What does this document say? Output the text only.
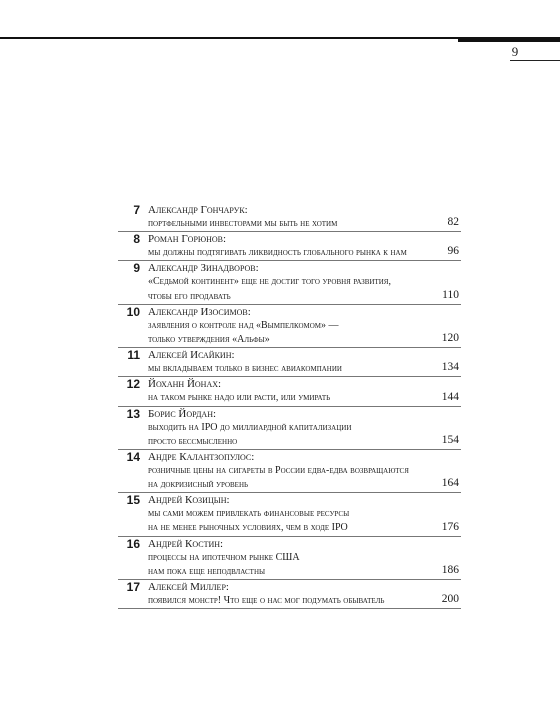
9
7 Александр Гончарук:
портфельными инвесторами мы быть не хотим	82
8 Роман Горюнов:
мы должны подтягивать ликвидность глобального рынка к нам	96
9 Александр Зинадворов:
«Седьмой континент» еще не достиг того уровня развития,
чтобы его продавать	110
10 Александр Изосимов:
заявления о контроле над «Вымпелкомом» —
только утверждения «Альфы»	120
11 Алексей Исайкин:
мы вкладываем только в бизнес авиакомпании	134
12 Йоханн Йонах:
на таком рынке надо или расти, или умирать	144
13 Борис Йордан:
выходить на IPO до миллиардной капитализации
просто бессмысленно	154
14 Андре Калантзопулос:
розничные цены на сигареты в России едва-едва возвращаются
на докризисный уровень	164
15 Андрей Козицын:
мы сами можем привлекать финансовые ресурсы
на не менее рыночных условиях, чем в ходе IPO	176
16 Андрей Костин:
процессы на ипотечном рынке США
нам пока еще неподвластны	186
17 Алексей Миллер:
появился монстр! Что еще о нас мог подумать обыватель	200
